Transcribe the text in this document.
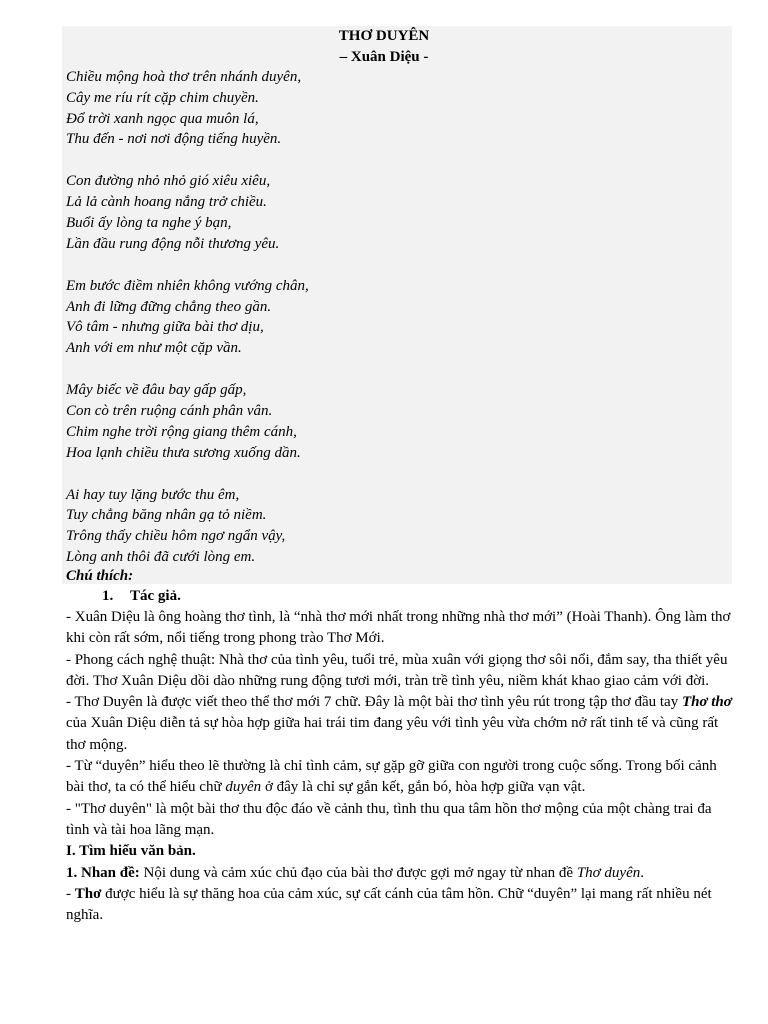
THƠ DUYÊN
– Xuân Diệu -
Chiều mộng hoà thơ trên nhánh duyên,
Cây me ríu rít cặp chim chuyền.
Đổ trời xanh ngọc qua muôn lá,
Thu đến - nơi nơi động tiếng huyền.
Con đường nhỏ nhỏ gió xiêu xiêu,
Lả lả cành hoang nắng trở chiều.
Buổi ấy lòng ta nghe ý bạn,
Lần đầu rung động nỗi thương yêu.
Em bước điềm nhiên không vướng chân,
Anh đi lững đững chẳng theo gần.
Vô tâm - nhưng giữa bài thơ dịu,
Anh với em như một cặp vần.
Mây biếc về đâu bay gấp gấp,
Con cò trên ruộng cánh phân vân.
Chim nghe trời rộng giang thêm cánh,
Hoa lạnh chiều thưa sương xuống dần.
Ai hay tuy lặng bước thu êm,
Tuy chẳng băng nhân gạ tỏ niềm.
Trông thấy chiều hôm ngơ ngẩn vậy,
Lòng anh thôi đã cưới lòng em.
Chú thích:
1. Tác giả.

- Xuân Diệu là ông hoàng thơ tình, là “nhà thơ mới nhất trong những nhà thơ mới” (Hoài Thanh). Ông làm thơ khi còn rất sớm, nổi tiếng trong phong trào Thơ Mới.

- Phong cách nghệ thuật: Nhà thơ của tình yêu, tuổi trẻ, mùa xuân với giọng thơ sôi nổi, đắm say, tha thiết yêu đời. Thơ Xuân Diệu dồi dào những rung động tươi mới, tràn trề tình yêu, niềm khát khao giao cảm với đời.

- Thơ Duyên là được viết theo thể thơ mới 7 chữ. Đây là một bài thơ tình yêu rút trong tập thơ đầu tay Thơ thơ của Xuân Diệu diễn tả sự hòa hợp giữa hai trái tim đang yêu với tình yêu vừa chớm nở rất tinh tế và cũng rất thơ mộng.

- Từ “duyên” hiểu theo lẽ thường là chỉ tình cảm, sự gặp gỡ giữa con người trong cuộc sống. Trong bối cảnh bài thơ, ta có thể hiểu chữ duyên ở đây là chỉ sự gắn kết, gắn bó, hòa hợp giữa vạn vật.

- "Thơ duyên" là một bài thơ thu độc đáo về cảnh thu, tình thu qua tâm hồn thơ mộng của một chàng trai đa tình và tài hoa lãng mạn.

I. Tìm hiểu văn bản.

1. Nhan đề: Nội dung và cảm xúc chủ đạo của bài thơ được gợi mở ngay từ nhan đề Thơ duyên.

- Thơ được hiểu là sự thăng hoa của cảm xúc, sự cất cánh của tâm hồn. Chữ “duyên” lại mang rất nhiều nét nghĩa.
